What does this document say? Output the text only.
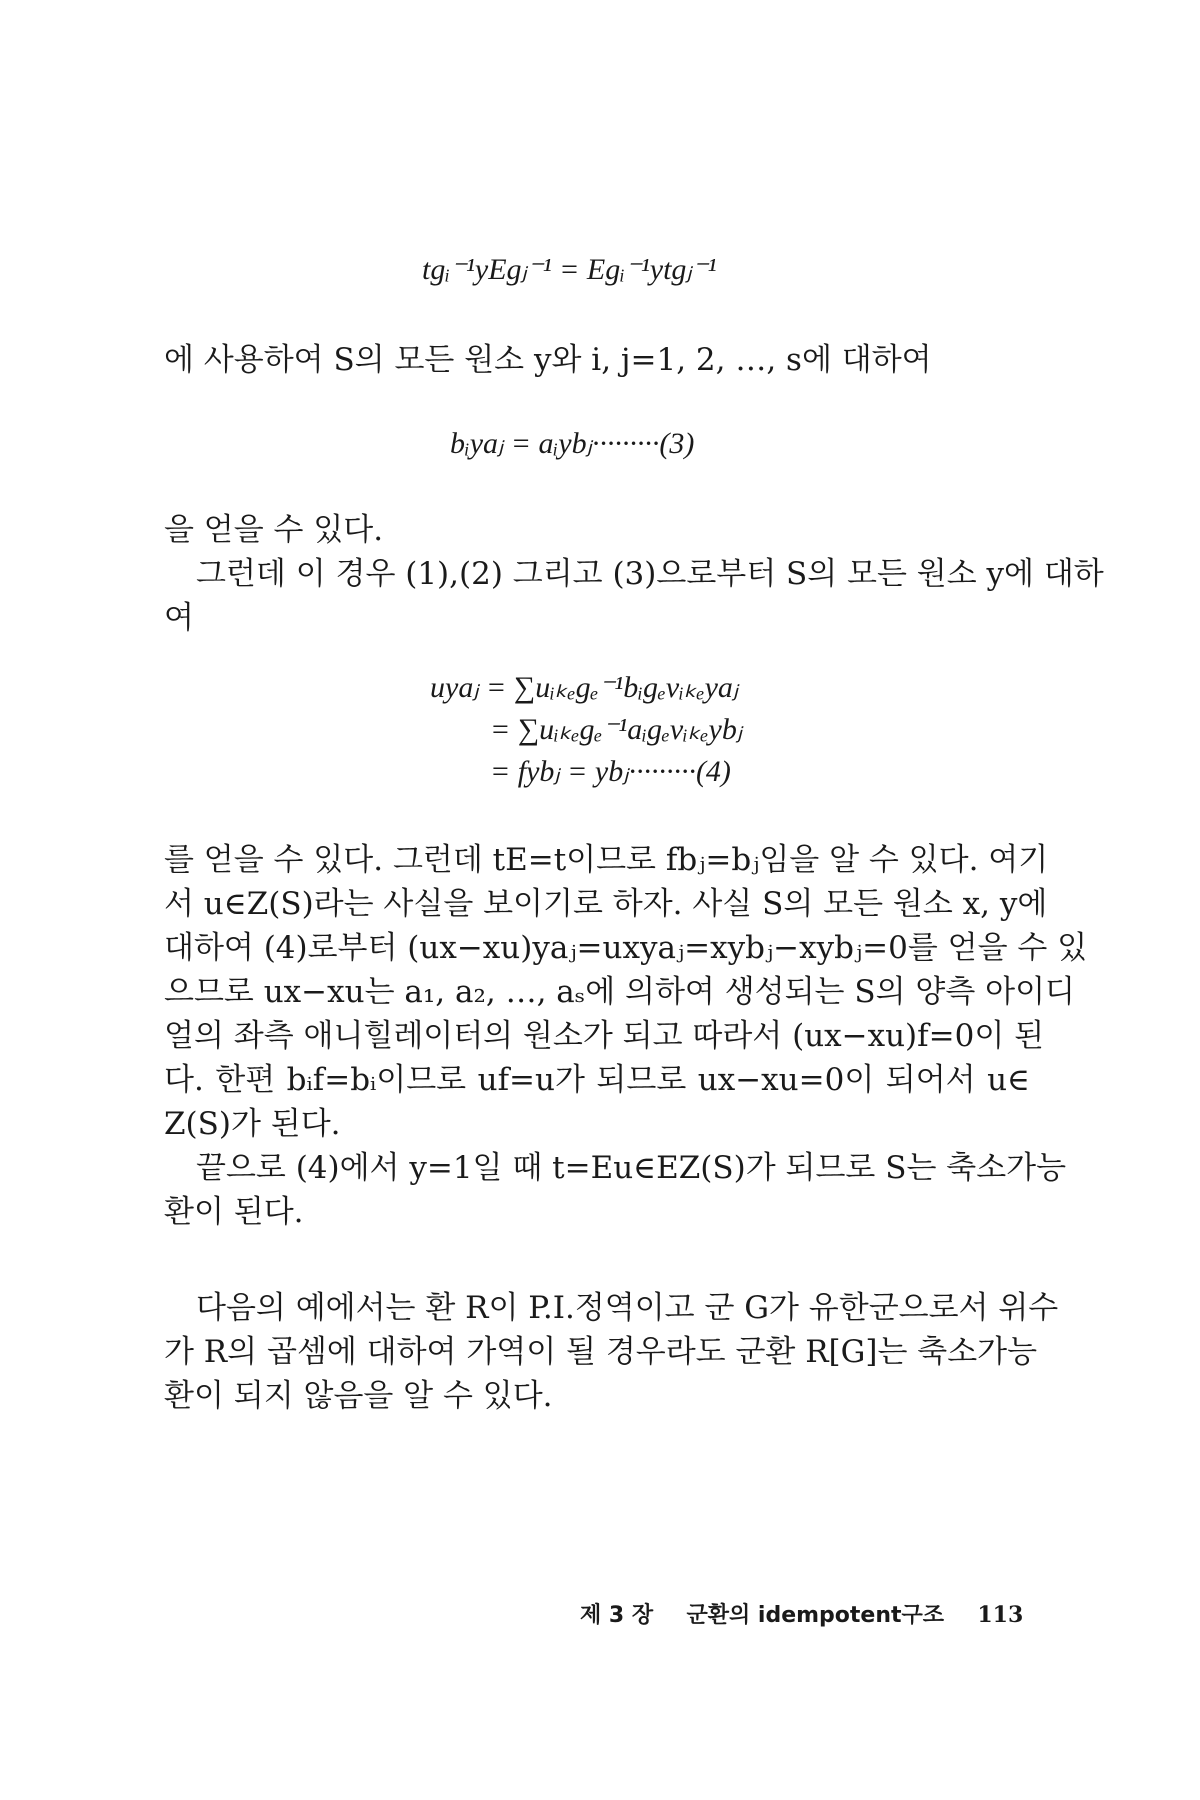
tgᵢ⁻¹yEgⱼ⁻¹ = Egᵢ⁻¹ytgⱼ⁻¹
에 사용하여 S의 모든 원소 y와 i, j=1, 2, …, s에 대하여
bᵢyaⱼ = aᵢybⱼ·········(3)
을 얻을 수 있다.
그런데 이 경우 (1),(2) 그리고 (3)으로부터 S의 모든 원소 y에 대하
여
uyaⱼ = ∑uᵢₖₑgₑ⁻¹bᵢgₑvᵢₖₑyaⱼ
= ∑uᵢₖₑgₑ⁻¹aᵢgₑvᵢₖₑybⱼ
= fybⱼ = ybⱼ·········(4)
를 얻을 수 있다. 그런데 tE=t이므로 fbⱼ=bⱼ임을 알 수 있다. 여기
서 u∈Z(S)라는 사실을 보이기로 하자. 사실 S의 모든 원소 x, y에
대하여 (4)로부터 (ux−xu)yaⱼ=uxyaⱼ=xybⱼ−xybⱼ=0를 얻을 수 있
으므로 ux−xu는 a₁, a₂, …, aₛ에 의하여 생성되는 S의 양측 아이디
얼의 좌측 애니힐레이터의 원소가 되고 따라서 (ux−xu)f=0이 된
다. 한편 bᵢf=bᵢ이므로 uf=u가 되므로 ux−xu=0이 되어서 u∈
Z(S)가 된다.
끝으로 (4)에서 y=1일 때 t=Eu∈EZ(S)가 되므로 S는 축소가능
환이 된다.
다음의 예에서는 환 R이 P.I.정역이고 군 G가 유한군으로서 위수
가 R의 곱셈에 대하여 가역이 될 경우라도 군환 R[G]는 축소가능
환이 되지 않음을 알 수 있다.
제 3 장 군환의 idempotent구조 113
